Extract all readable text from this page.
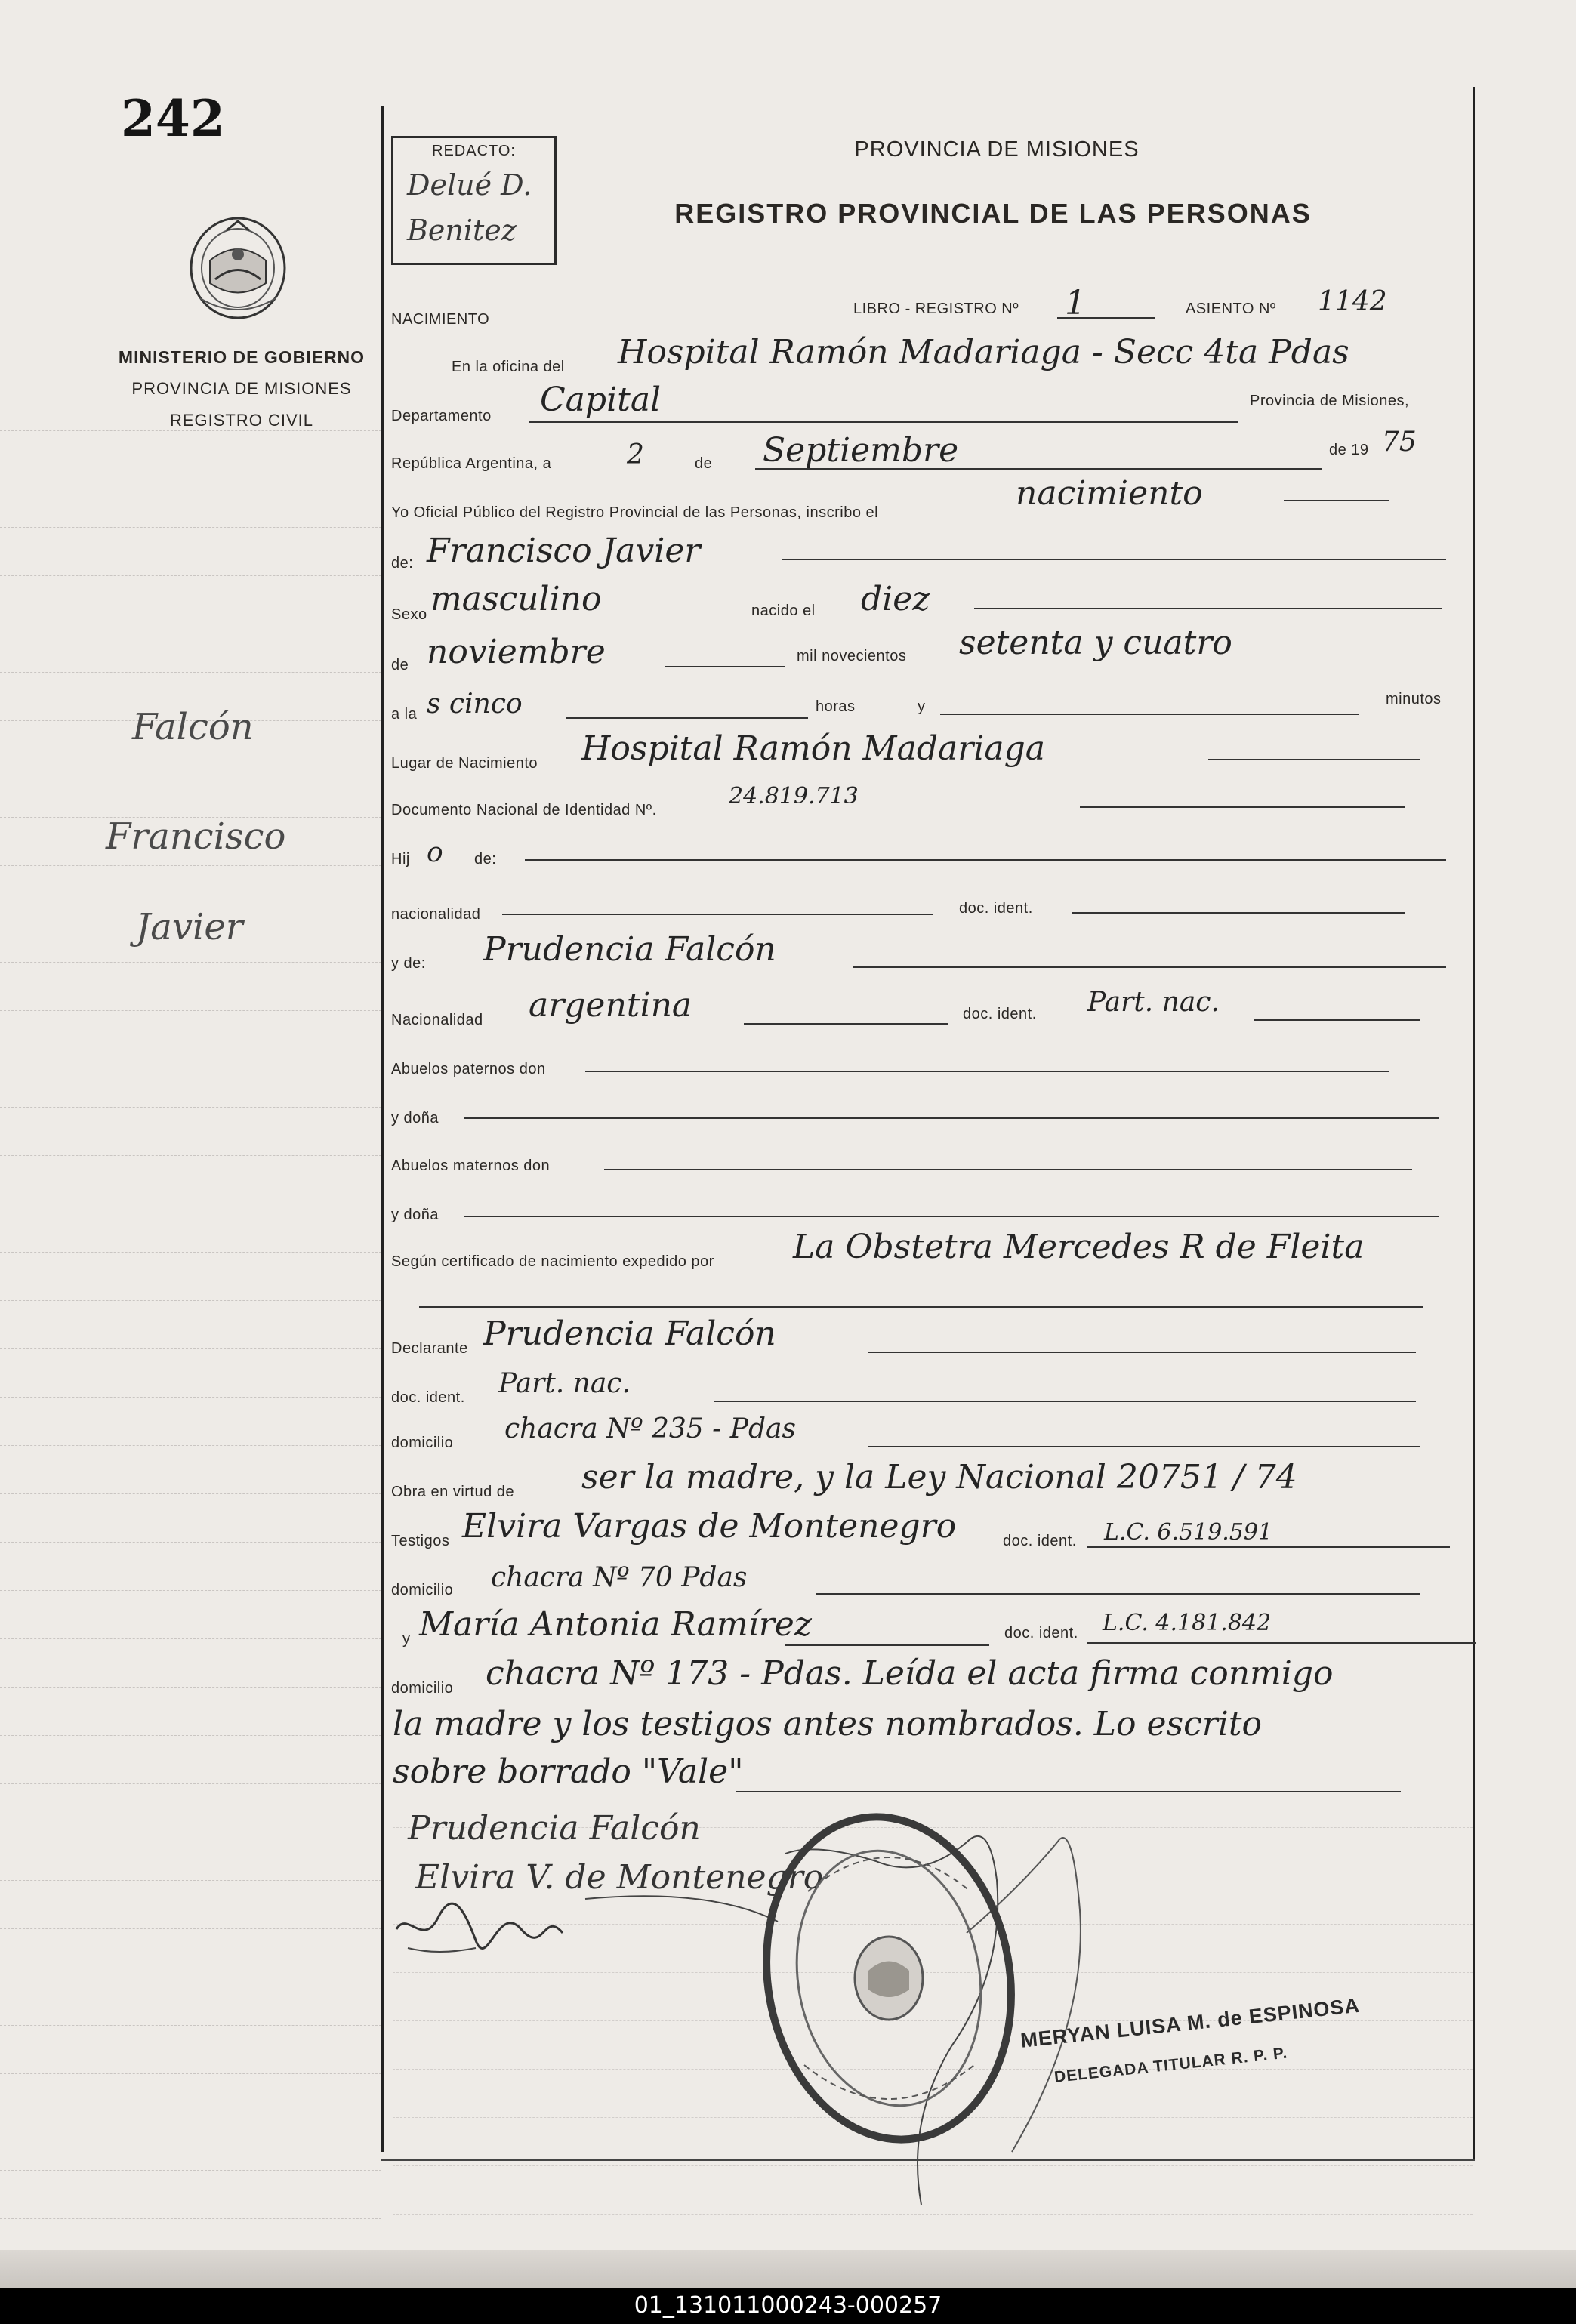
242
MINISTERIO DE GOBIERNO
PROVINCIA DE MISIONES
REGISTRO CIVIL
Falcón
Francisco
Javier
REDACTO:
Delué D.
Benitez
PROVINCIA DE MISIONES
REGISTRO PROVINCIAL DE LAS PERSONAS
NACIMIENTO
LIBRO - REGISTRO Nº 1	ASIENTO Nº 1142
En la oficina del Hospital Ramón Madariaga - Secc 4ta Pdas
Departamento Capital	Provincia de Misiones,
República Argentina, a	2	de Septiembre	de 19 75
Yo Oficial Público del Registro Provincial de las Personas, inscribo el	nacimiento
de: Francisco Javier
Sexo masculino	nacido el diez
de noviembre	mil novecientos setenta y cuatro
a la s cinco	horas	y	minutos
Lugar de Nacimiento Hospital Ramón Madariaga
Documento Nacional de Identidad Nº.
24.819.713
Hij o de:
nacionalidad	doc. ident.
y de: Prudencia Falcón
Nacionalidad argentina	doc. ident. Part. nac.
Abuelos paternos don
y doña
Abuelos maternos don
y doña
Según certificado de nacimiento expedido por La Obstetra Mercedes R de Fleita
Declarante Prudencia Falcón
doc. ident. Part. nac.
domicilio chacra Nº 235 - Pdas
Obra en virtud de ser la madre, y la Ley Nacional 20751 / 74
Testigos Elvira Vargas de Montenegro	doc. ident. L.C. 6.519.591
domicilio chacra Nº 70 Pdas
y María Antonia Ramírez	doc. ident. L.C. 4.181.842
domicilio chacra Nº 173 - Pdas. Leída el acta firma conmigo
la madre y los testigos antes nombrados. Lo escrito
sobre borrado "Vale"
Prudencia Falcón
Elvira V. de Montenegro
MERYAN LUISA M. de ESPINOSA
DELEGADA TITULAR R. P. P.
01_131011000243-000257
